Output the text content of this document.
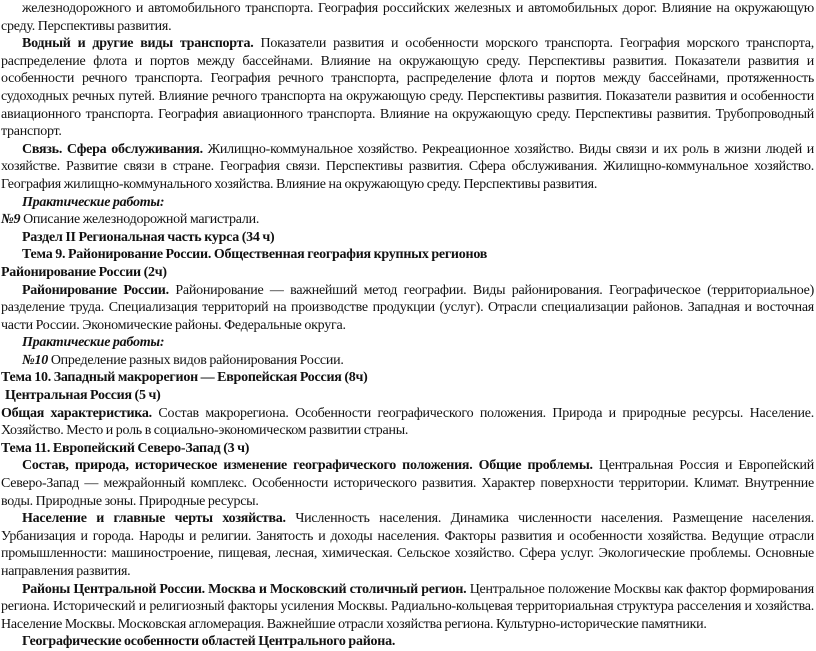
железнодорожного и автомобильного транспорта. География российских железных и автомобильных дорог. Влияние на окружающую среду. Перспективы развития.

Водный и другие виды транспорта. Показатели развития и особенности морского транспорта. География морского транспорта, распределение флота и портов между бассейнами. Влияние на окружающую среду. Перспективы развития. Показатели развития и особенности речного транспорта. География речного транспорта, распределение флота и портов между бассейнами, протяженность судоходных речных путей. Влияние речного транспорта на окружающую среду. Перспективы развития. Показатели развития и особенности авиационного транспорта. География авиационного транспорта. Влияние на окружающую среду. Перспективы развития. Трубопроводный транспорт.

Связь. Сфера обслуживания. Жилищно-коммунальное хозяйство. Рекреационное хозяйство. Виды связи и их роль в жизни людей и хозяйстве. Развитие связи в стране. География связи. Перспективы развития. Сфера обслуживания. Жилищно-коммунальное хозяйство. География жилищно-коммунального хозяйства. Влияние на окружающую среду. Перспективы развития.

Практические работы:

№9 Описание железнодорожной магистрали.

Раздел II Региональная часть курса (34 ч)

Тема 9. Районирование России. Общественная география крупных регионов

Районирование России (2ч)

Районирование России. Районирование — важнейший метод географии. Виды районирования. Географическое (территориальное) разделение труда. Специализация территорий на производстве продукции (услуг). Отрасли специализации районов. Западная и восточная части России. Экономические районы. Федеральные округа.

Практические работы:

№10 Определение разных видов районирования России.

Тема 10. Западный макрорегион — Европейская Россия (8ч)

Центральная Россия (5 ч)

Общая характеристика. Состав макрорегиона. Особенности географического положения. Природа и природные ресурсы. Население. Хозяйство. Место и роль в социально-экономическом развитии страны.

Тема 11. Европейский Северо-Запад (3 ч)

Состав, природа, историческое изменение географического положения. Общие проблемы. Центральная Россия и Европейский Северо-Запад — межрайонный комплекс. Особенности исторического развития. Характер поверхности территории. Климат. Внутренние воды. Природные зоны. Природные ресурсы.

Население и главные черты хозяйства. Численность населения. Динамика численности населения. Размещение населения. Урбанизация и города. Народы и религии. Занятость и доходы населения. Факторы развития и особенности хозяйства. Ведущие отрасли промышленности: машиностроение, пищевая, лесная, химическая. Сельское хозяйство. Сфера услуг. Экологические проблемы. Основные направления развития.

Районы Центральной России. Москва и Московский столичный регион. Центральное положение Москвы как фактор формирования региона. Исторический и религиозный факторы усиления Москвы. Радиально-кольцевая территориальная структура расселения и хозяйства. Население Москвы. Московская агломерация. Важнейшие отрасли хозяйства региона. Культурно-исторические памятники.

Географические особенности областей Центрального района.
